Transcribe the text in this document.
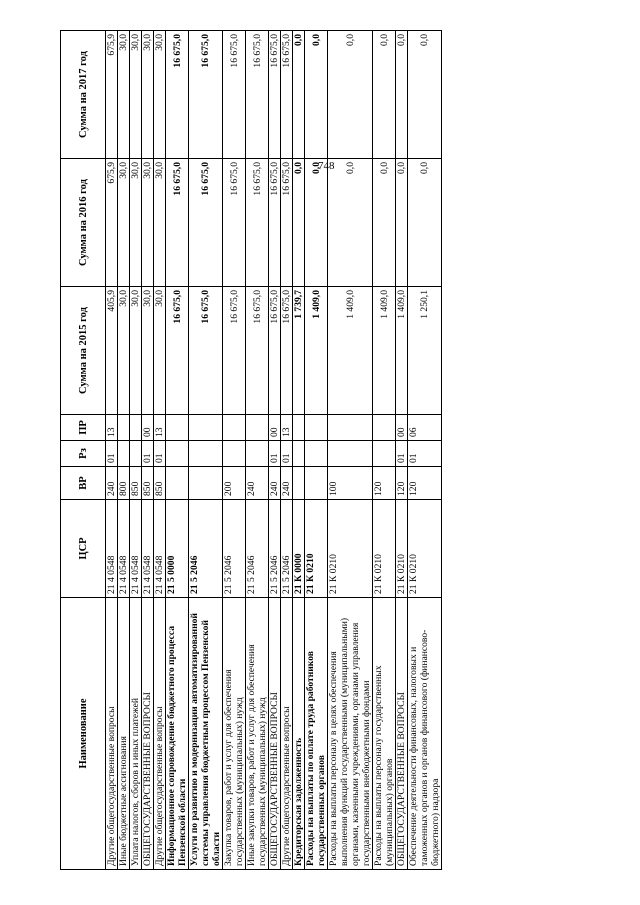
748
Наименование	ЦСР	ВР	Рз	ПР	Сумма на 2015 год	Сумма на 2016 год	Сумма на 2017 год
Другие общегосударственные вопросы	21 4 0548	240	01	13	405,9	675,9	675,9
Иные бюджетные ассигнования	21 4 0548	800			30,0	30,0	30,0
Уплата налогов, сборов и иных платежей	21 4 0548	850			30,0	30,0	30,0
ОБЩЕГОСУДАРСТВЕННЫЕ ВОПРОСЫ	21 4 0548	850	01	00	30,0	30,0	30,0
Другие общегосударственные вопросы	21 4 0548	850	01	13	30,0	30,0	30,0
Информационное сопровождение бюджетного процесса Пензенской области	21 5 0000				16 675,0	16 675,0	16 675,0
Услуги по развитию и модернизации автоматизированной системы управления бюджетным процессом Пензенской области	21 5 2046				16 675,0	16 675,0	16 675,0
Закупка товаров, работ и услуг для обеспечения государственных (муниципальных) нужд	21 5 2046	200			16 675,0	16 675,0	16 675,0
Иные закупки товаров, работ и услуг для обеспечения государственных (муниципальных) нужд	21 5 2046	240			16 675,0	16 675,0	16 675,0
ОБЩЕГОСУДАРСТВЕННЫЕ ВОПРОСЫ	21 5 2046	240	01	00	16 675,0	16 675,0	16 675,0
Другие общегосударственные вопросы	21 5 2046	240	01	13	16 675,0	16 675,0	16 675,0
Кредиторская задолженность	21 К 0000				1 739,7	0,0	0,0
Расходы на выплаты по оплате труда работников государственных органов	21 К 0210				1 409,0	0,0	0,0
Расходы на выплаты персоналу в целях обеспечения выполнения функций государственными (муниципальными) органами, казенными учреждениями, органами управления государственными внебюджетными фондами	21 К 0210	100			1 409,0	0,0	0,0
Расходы на выплаты персоналу государственных (муниципальных) органов	21 К 0210	120			1 409,0	0,0	0,0
ОБЩЕГОСУДАРСТВЕННЫЕ ВОПРОСЫ	21 К 0210	120	01	00	1 409,0	0,0	0,0
Обеспечение деятельности финансовых, налоговых и таможенных органов и органов финансового (финансово-бюджетного) надзора	21 К 0210	120	01	06	1 250,1	0,0	0,0
